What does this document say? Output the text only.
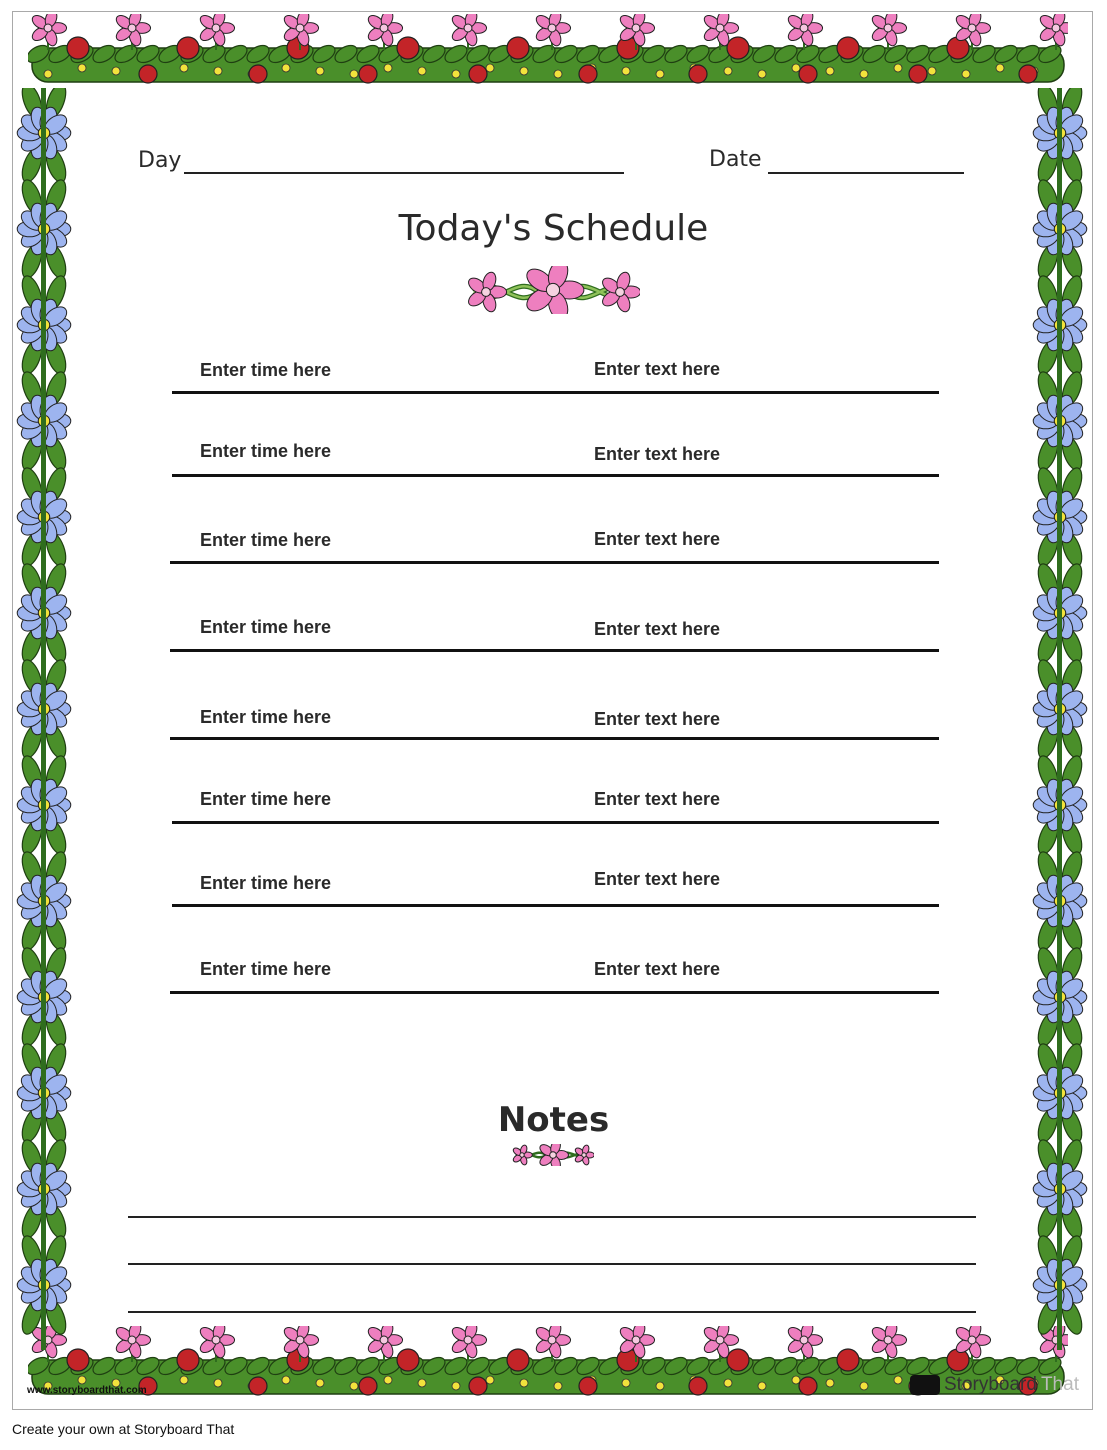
Day	Date
Today's Schedule
Enter time here	Enter text here
Enter time here	Enter text here
Enter time here	Enter text here
Enter time here	Enter text here
Enter time here	Enter text here
Enter time here	Enter text here
Enter time here	Enter text here
Enter time here	Enter text here
Notes
www.storyboardthat.com	Storyboard That
Create your own at Storyboard That
